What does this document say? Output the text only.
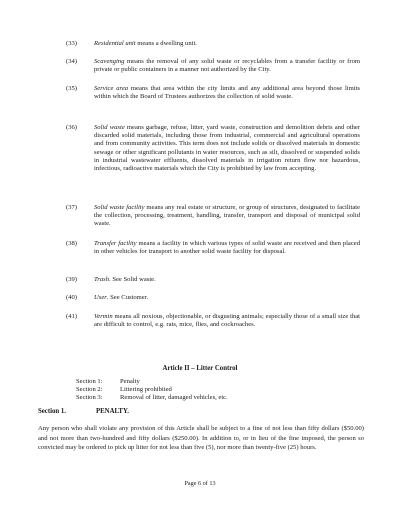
(33)	Residential unit means a dwelling unit.
(34)	Scavenging means the removal of any solid waste or recyclables from a transfer facility or from private or public containers in a manner not authorized by the City.
(35)	Service area means that area within the city limits and any additional area beyond those limits within which the Board of Trustees authorizes the collection of solid waste.
(36)	Solid waste means garbage, refuse, litter, yard waste, construction and demolition debris and other discarded solid materials, including those from industrial, commercial and agricultural operations and from community activities. This term does not include solids or dissolved materials in domestic sewage or other significant pollutants in water resources, such as silt, dissolved or suspended solids in industrial wastewater effluents, dissolved materials in irrigation return flow nor hazardous, infectious, radioactive materials which the City is prohibited by law from accepting.
(37)	Solid waste facility means any real estate or structure, or group of structures, designated to facilitate the collection, processing, treatment, handling, transfer, transport and disposal of municipal solid waste.
(38)	Transfer facility means a facility in which various types of solid waste are received and then placed in other vehicles for transport to another solid waste facility for disposal.
(39)	Trash. See Solid waste.
(40)	User. See Customer.
(41)	Vermin means all noxious, objectionable, or disgusting animals; especially those of a small size that are difficult to control, e.g. rats, mice, flies, and cockroaches.
Article II – Litter Control
Section 1:	Penalty
Section 2:	Littering prohibited
Section 3:	Removal of litter, damaged vehicles, etc.
Section 1.	PENALTY.
Any person who shall violate any provision of this Article shall be subject to a fine of not less than fifty dollars ($50.00) and not more than two-hundred and fifty dollars ($250.00). In addition to, or in lieu of the fine imposed, the person so convicted may be ordered to pick up litter for not less than five (5), nor more than twenty-five (25) hours.
Page 6 of 13
